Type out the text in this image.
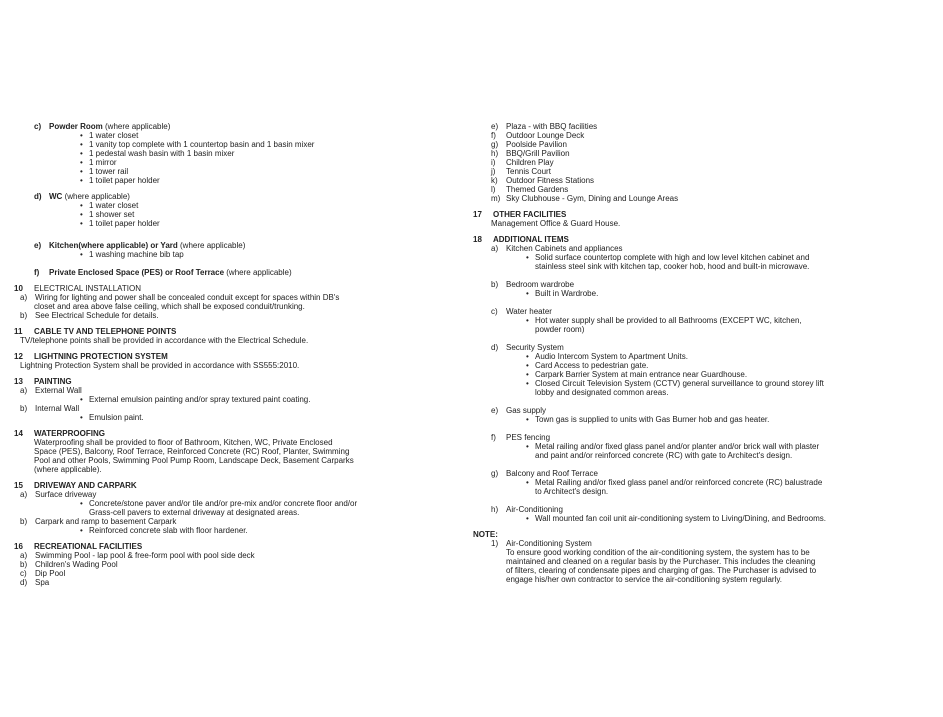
c) Powder Room (where applicable)
• 1 water closet
• 1 vanity top complete with 1 countertop basin and 1 basin mixer
• 1 pedestal wash basin with 1 basin mixer
• 1 mirror
• 1 tower rail
• 1 toilet paper holder
d) WC (where applicable)
• 1 water closet
• 1 shower set
• 1 toilet paper holder
e) Kitchen(where applicable) or Yard (where applicable)
• 1 washing machine bib tap
f)	Private Enclosed Space (PES) or Roof Terrace (where applicable)
10	ELECTRICAL INSTALLATION
a) Wiring for lighting and power shall be concealed conduit except for spaces within DB's
closet and area above false ceiling, which shall be exposed conduit/trunking.
b) See Electrical Schedule for details.
11	CABLE TV AND TELEPHONE POINTS
TV/telephone points shall be provided in accordance with the Electrical Schedule.
12	LIGHTNING PROTECTION SYSTEM
Lightning Protection System shall be provided in accordance with SS555:2010.
13	PAINTING
a) External Wall
• External emulsion painting and/or spray textured paint coating.
b) Internal Wall
• Emulsion paint.
14	WATERPROOFING
Waterproofing shall be provided to floor of Bathroom, Kitchen, WC, Private Enclosed
Space (PES), Balcony, Roof Terrace, Reinforced Concrete (RC) Roof, Planter, Swimming
Pool and other Pools, Swimming Pool Pump Room, Landscape Deck, Basement Carparks
(where applicable).
15	DRIVEWAY AND CARPARK
a) Surface driveway
• Concrete/stone paver and/or tile and/or pre-mix and/or concrete floor and/or
Grass-cell pavers to external driveway at designated areas.
b) Carpark and ramp to basement Carpark
• Reinforced concrete slab with floor hardener.
16	RECREATIONAL FACILITIES
a) Swimming Pool - lap pool & free-form pool with pool side deck
b) Children's Wading Pool
c)	Dip Pool
d) Spa
e) Plaza - with BBQ facilities
f)	Outdoor Lounge Deck
g) Poolside Pavilion
h) BBQ/Grill Pavilion
i)	Children Play
j)	Tennis Court
k)	Outdoor Fitness Stations
l)	Themed Gardens
m) Sky Clubhouse - Gym, Dining and Lounge Areas
17	OTHER FACILITIES
Management Office & Guard House.
18	ADDITIONAL ITEMS
a) Kitchen Cabinets and appliances
• Solid surface countertop complete with high and low level kitchen cabinet and
stainless steel sink with kitchen tap, cooker hob, hood and built-in microwave.
b) Bedroom wardrobe
• Built in Wardrobe.
c)	Water heater
• Hot water supply shall be provided to all Bathrooms (EXCEPT WC, kitchen,
powder room)
d) Security System
• Audio Intercom System to Apartment Units.
• Card Access to pedestrian gate.
• Carpark Barrier System at main entrance near Guardhouse.
• Closed Circuit Television System (CCTV) general surveillance to ground storey lift
lobby and designated common areas.
e) Gas supply
• Town gas is supplied to units with Gas Burner hob and gas heater.
f)	PES fencing
• Metal railing and/or fixed glass panel and/or planter and/or brick wall with plaster
and paint and/or reinforced concrete (RC) with gate to Architect's design.
g) Balcony and Roof Terrace
• Metal Railing and/or fixed glass panel and/or reinforced concrete (RC) balustrade
to Architect's design.
h) Air-Conditioning
• Wall mounted fan coil unit air-conditioning system to Living/Dining, and Bedrooms.
NOTE:
1) Air-Conditioning System
To ensure good working condition of the air-conditioning system, the system has to be
maintained and cleaned on a regular basis by the Purchaser. This includes the cleaning
of filters, clearing of condensate pipes and charging of gas. The Purchaser is advised to
engage his/her own contractor to service the air-conditioning system regularly.
